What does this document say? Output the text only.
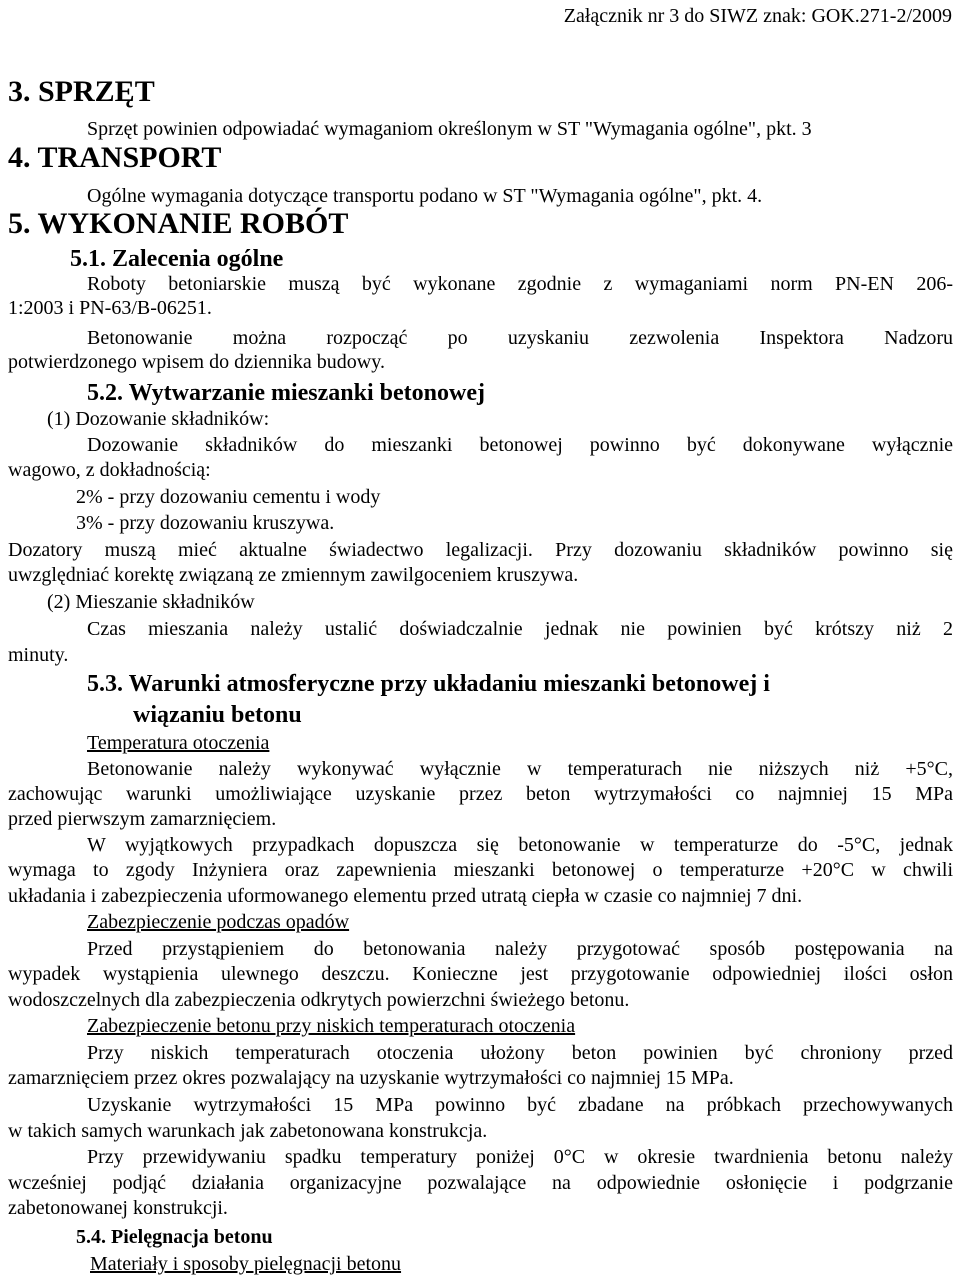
Załącznik nr 3 do SIWZ znak: GOK.271-2/2009
3. SPRZĘT
Sprzęt powinien odpowiadać wymaganiom określonym w ST "Wymagania ogólne", pkt. 3
4. TRANSPORT
Ogólne wymagania dotyczące transportu podano w ST "Wymagania ogólne", pkt. 4.
5. WYKONANIE ROBÓT
5.1. Zalecenia ogólne
Roboty betoniarskie muszą być wykonane zgodnie z wymaganiami norm PN-EN 206-
1:2003 i PN-63/B-06251.
Betonowanie można rozpocząć po uzyskaniu zezwolenia Inspektora Nadzoru
potwierdzonego wpisem do dziennika budowy.
5.2. Wytwarzanie mieszanki betonowej
(1) Dozowanie składników:
Dozowanie składników do mieszanki betonowej powinno być dokonywane wyłącznie
wagowo, z dokładnością:
2% - przy dozowaniu cementu i wody
3% - przy dozowaniu kruszywa.
Dozatory muszą mieć aktualne świadectwo legalizacji. Przy dozowaniu składników powinno się
uwzględniać korektę związaną ze zmiennym zawilgoceniem kruszywa.
(2) Mieszanie składników
Czas mieszania należy ustalić doświadczalnie jednak nie powinien być krótszy niż 2
minuty.
5.3. Warunki atmosferyczne przy układaniu mieszanki betonowej i
wiązaniu betonu
Temperatura otoczenia
Betonowanie należy wykonywać wyłącznie w temperaturach nie niższych niż +5°C,
zachowując warunki umożliwiające uzyskanie przez beton wytrzymałości co najmniej 15 MPa
przed pierwszym zamarznięciem.
W wyjątkowych przypadkach dopuszcza się betonowanie w temperaturze do -5°C, jednak
wymaga to zgody Inżyniera oraz zapewnienia mieszanki betonowej o temperaturze +20°C w chwili
układania i zabezpieczenia uformowanego elementu przed utratą ciepła w czasie co najmniej 7 dni.
Zabezpieczenie podczas opadów
Przed przystąpieniem do betonowania należy przygotować sposób postępowania na
wypadek wystąpienia ulewnego deszczu. Konieczne jest przygotowanie odpowiedniej ilości osłon
wodoszczelnych dla zabezpieczenia odkrytych powierzchni świeżego betonu.
Zabezpieczenie betonu przy niskich temperaturach otoczenia
Przy niskich temperaturach otoczenia ułożony beton powinien być chroniony przed
zamarznięciem przez okres pozwalający na uzyskanie wytrzymałości co najmniej 15 MPa.
Uzyskanie wytrzymałości 15 MPa powinno być zbadane na próbkach przechowywanych
w takich samych warunkach jak zabetonowana konstrukcja.
Przy przewidywaniu spadku temperatury poniżej 0°C w okresie twardnienia betonu należy
wcześniej podjąć działania organizacyjne pozwalające na odpowiednie osłonięcie i podgrzanie
zabetonowanej konstrukcji.
5.4. Pielęgnacja betonu
Materiały i sposoby pielęgnacji betonu
